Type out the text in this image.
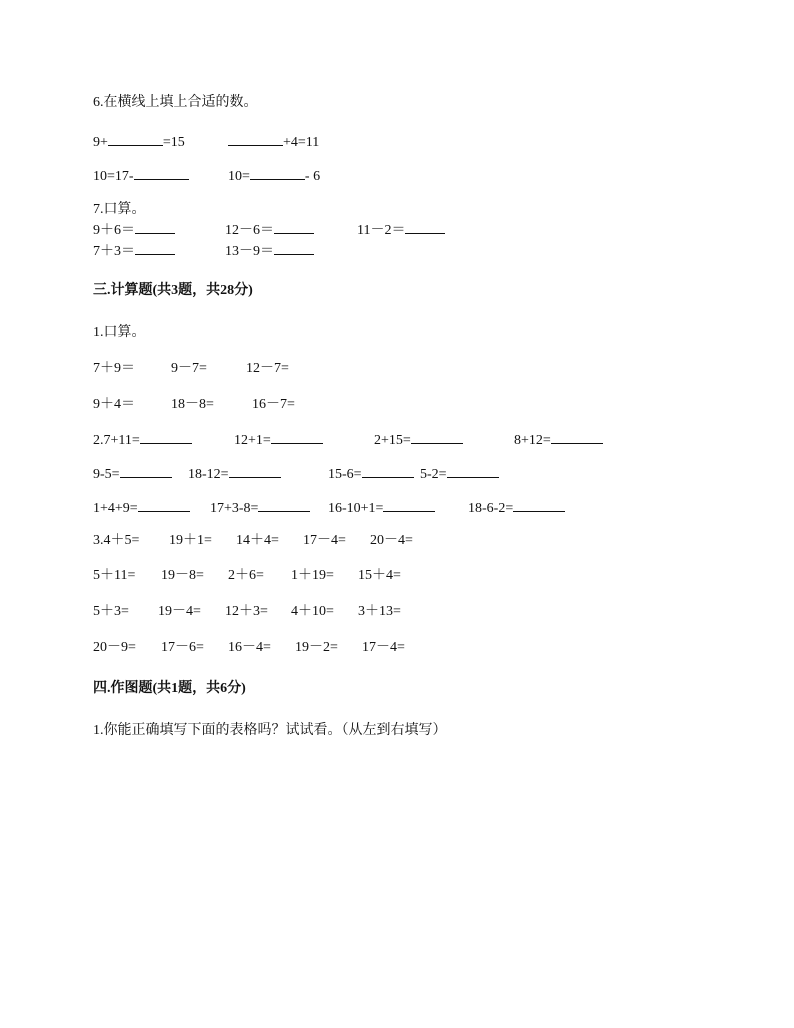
6.在横线上填上合适的数。
9+	=15	+4=11
10=17-	10=	- 6
7.口算。
9＋6＝	12－6＝	11－2＝
7＋3＝	13－9＝
三.计算题(共3题，共28分)
1.口算。
7＋9＝	9－7=	12－7=
9＋4＝	18－8=	16－7=
2.7+11=	12+1=	2+15=	8+12=
9-5=	18-12=	15-6=	5-2=
1+4+9=	17+3-8=	16-10+1=	18-6-2=
3.4＋5= 19＋1= 14＋4= 17－4= 20－4=
5＋11= 19－8= 2＋6= 1＋19= 15＋4=
5＋3= 19－4= 12＋3= 4＋10= 3＋13=
20－9= 17－6= 16－4= 19－2= 17－4=
四.作图题(共1题，共6分)
1.你能正确填写下面的表格吗？试试看。（从左到右填写）
